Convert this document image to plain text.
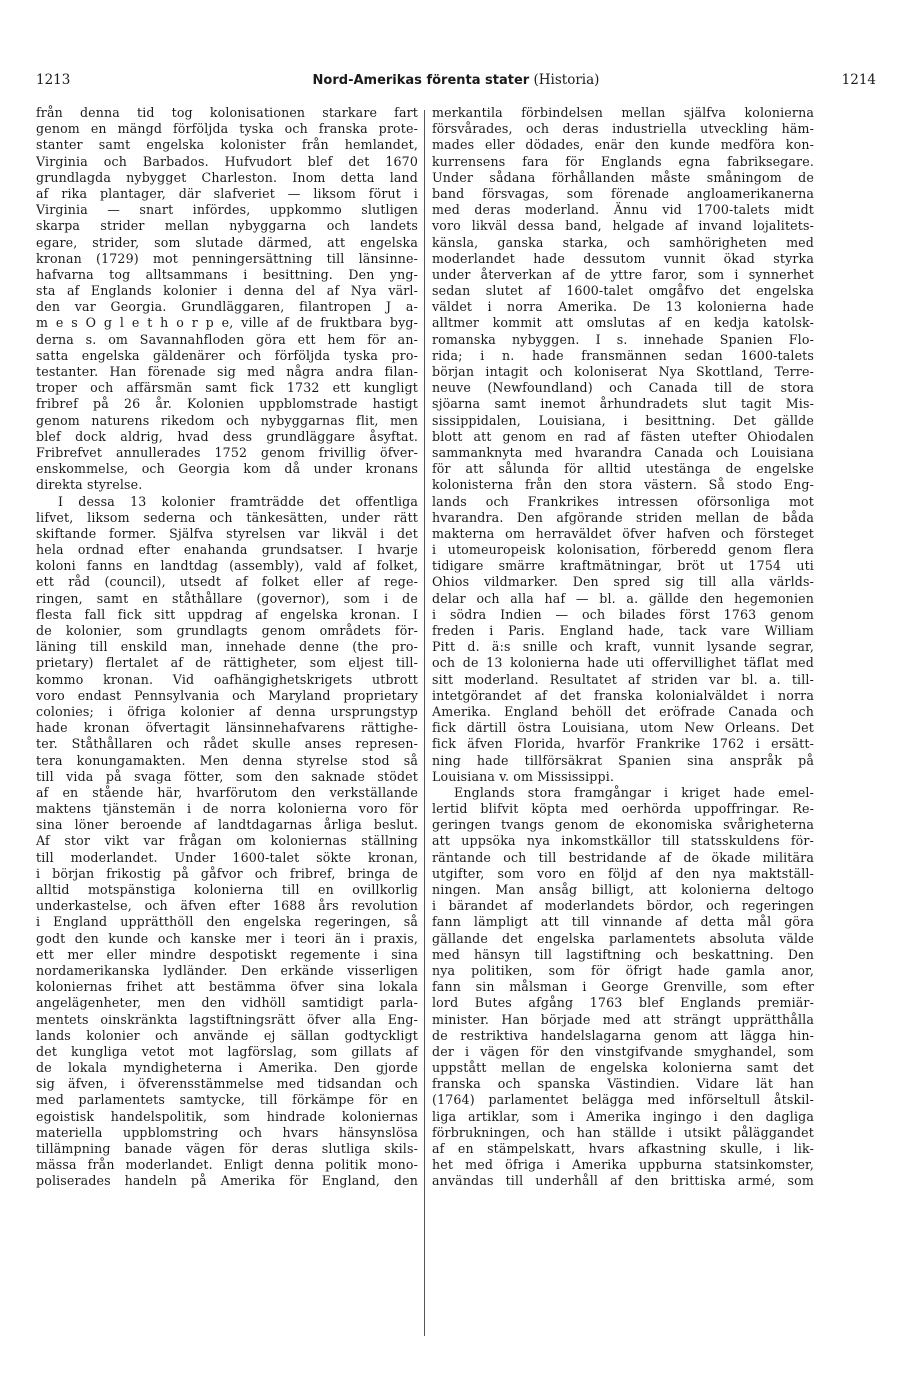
1213	Nord-Amerikas förenta stater (Historia)	1214
från denna tid tog kolonisationen starkare fart
genom en mängd förföljda tyska och franska prote-
stanter samt engelska kolonister från hemlandet,
Virginia och Barbados. Hufvudort blef det 1670
grundlagda nybygget Charleston. Inom detta land
af rika plantager, där slafveriet — liksom förut i
Virginia — snart infördes, uppkommo slutligen
skarpa strider mellan nybyggarna och landets
egare, strider, som slutade därmed, att engelska
kronan (1729) mot penningersättning till länsinne-
hafvarna tog alltsammans i besittning. Den yng-
sta af Englands kolonier i denna del af Nya värl-
den var Georgia. Grundläggaren, filantropen J a-
m e s O g l e t h o r p e, ville af de fruktbara byg-
derna s. om Savannahfloden göra ett hem för an-
satta engelska gäldenärer och förföljda tyska pro-
testanter. Han förenade sig med några andra filan-
troper och affärsmän samt fick 1732 ett kungligt
fribref på 26 år. Kolonien uppblomstrade hastigt
genom naturens rikedom och nybyggarnas flit, men
blef dock aldrig, hvad dess grundläggare åsyftat.
Fribrefvet annullerades 1752 genom frivillig öfver-
enskommelse, och Georgia kom då under kronans
direkta styrelse.
I dessa 13 kolonier framträdde det offentliga
lifvet, liksom sederna och tänkesätten, under rätt
skiftande former. Själfva styrelsen var likväl i det
hela ordnad efter enahanda grundsatser. I hvarje
koloni fanns en landtdag (assembly), vald af folket,
ett råd (council), utsedt af folket eller af rege-
ringen, samt en ståthållare (governor), som i de
flesta fall fick sitt uppdrag af engelska kronan. I
de kolonier, som grundlagts genom områdets för-
läning till enskild man, innehade denne (the pro-
prietary) flertalet af de rättigheter, som eljest till-
kommo kronan. Vid oafhängighetskrigets utbrott
voro endast Pennsylvania och Maryland proprietary
colonies; i öfriga kolonier af denna ursprungstyp
hade kronan öfvertagit länsinnehafvarens rättighe-
ter. Ståthållaren och rådet skulle anses represen-
tera konungamakten. Men denna styrelse stod så
till vida på svaga fötter, som den saknade stödet
af en stående här, hvarförutom den verkställande
maktens tjänstemän i de norra kolonierna voro för
sina löner beroende af landtdagarnas årliga beslut.
Af stor vikt var frågan om koloniernas ställning
till moderlandet. Under 1600-talet sökte kronan,
i början frikostig på gåfvor och fribref, bringa de
alltid motspänstiga kolonierna till en ovillkorlig
underkastelse, och äfven efter 1688 års revolution
i England upprätthöll den engelska regeringen, så
godt den kunde och kanske mer i teori än i praxis,
ett mer eller mindre despotiskt regemente i sina
nordamerikanska lydländer. Den erkände visserligen
koloniernas frihet att bestämma öfver sina lokala
angelägenheter, men den vidhöll samtidigt parla-
mentets oinskränkta lagstiftningsrätt öfver alla Eng-
lands kolonier och använde ej sällan godtyckligt
det kungliga vetot mot lagförslag, som gillats af
de lokala myndigheterna i Amerika. Den gjorde
sig äfven, i öfverensstämmelse med tidsandan och
med parlamentets samtycke, till förkämpe för en
egoistisk handelspolitik, som hindrade koloniernas
materiella uppblomstring och hvars hänsynslösa
tillämpning banade vägen för deras slutliga skils-
mässa från moderlandet. Enligt denna politik mono-
poliserades handeln på Amerika för England, den
merkantila förbindelsen mellan själfva kolonierna
försvårades, och deras industriella utveckling häm-
mades eller dödades, enär den kunde medföra kon-
kurrensens fara för Englands egna fabriksegare.
Under sådana förhållanden måste småningom de
band försvagas, som förenade angloamerikanerna
med deras moderland. Ännu vid 1700-talets midt
voro likväl dessa band, helgade af invand lojalitets-
känsla, ganska starka, och samhörigheten med
moderlandet hade dessutom vunnit ökad styrka
under återverkan af de yttre faror, som i synnerhet
sedan slutet af 1600-talet omgåfvo det engelska
väldet i norra Amerika. De 13 kolonierna hade
alltmer kommit att omslutas af en kedja katolsk-
romanska nybyggen. I s. innehade Spanien Flo-
rida; i n. hade fransmännen sedan 1600-talets
början intagit och koloniserat Nya Skottland, Terre-
neuve (Newfoundland) och Canada till de stora
sjöarna samt inemot århundradets slut tagit Mis-
sissippidalen, Louisiana, i besittning. Det gällde
blott att genom en rad af fästen utefter Ohiodalen
sammanknyta med hvarandra Canada och Louisiana
för att sålunda för alltid utestänga de engelske
kolonisterna från den stora västern. Så stodo Eng-
lands och Frankrikes intressen oförsonliga mot
hvarandra. Den afgörande striden mellan de båda
makterna om herraväldet öfver hafven och försteget
i utomeuropeisk kolonisation, förberedd genom flera
tidigare smärre kraftmätningar, bröt ut 1754 uti
Ohios vildmarker. Den spred sig till alla världs-
delar och alla haf — bl. a. gällde den hegemonien
i södra Indien — och bilades först 1763 genom
freden i Paris. England hade, tack vare William
Pitt d. ä:s snille och kraft, vunnit lysande segrar,
och de 13 kolonierna hade uti offervillighet täflat med
sitt moderland. Resultatet af striden var bl. a. till-
intetgörandet af det franska kolonialväldet i norra
Amerika. England behöll det eröfrade Canada och
fick därtill östra Louisiana, utom New Orleans. Det
fick äfven Florida, hvarför Frankrike 1762 i ersätt-
ning hade tillförsäkrat Spanien sina anspråk på
Louisiana v. om Mississippi.
Englands stora framgångar i kriget hade emel-
lertid blifvit köpta med oerhörda uppoffringar. Re-
geringen tvangs genom de ekonomiska svårigheterna
att uppsöka nya inkomstkällor till statsskuldens för-
räntande och till bestridande af de ökade militära
utgifter, som voro en följd af den nya maktställ-
ningen. Man ansåg billigt, att kolonierna deltogo
i bärandet af moderlandets bördor, och regeringen
fann lämpligt att till vinnande af detta mål göra
gällande det engelska parlamentets absoluta välde
med hänsyn till lagstiftning och beskattning. Den
nya politiken, som för öfrigt hade gamla anor,
fann sin målsman i George Grenville, som efter
lord Butes afgång 1763 blef Englands premiär-
minister. Han började med att strängt upprätthålla
de restriktiva handelslagarna genom att lägga hin-
der i vägen för den vinstgifvande smyghandel, som
uppstått mellan de engelska kolonierna samt det
franska och spanska Västindien. Vidare lät han
(1764) parlamentet belägga med införseltull åtskil-
liga artiklar, som i Amerika ingingo i den dagliga
förbrukningen, och han ställde i utsikt påläggandet
af en stämpelskatt, hvars afkastning skulle, i lik-
het med öfriga i Amerika uppburna statsinkomster,
användas till underhåll af den brittiska armé, som
